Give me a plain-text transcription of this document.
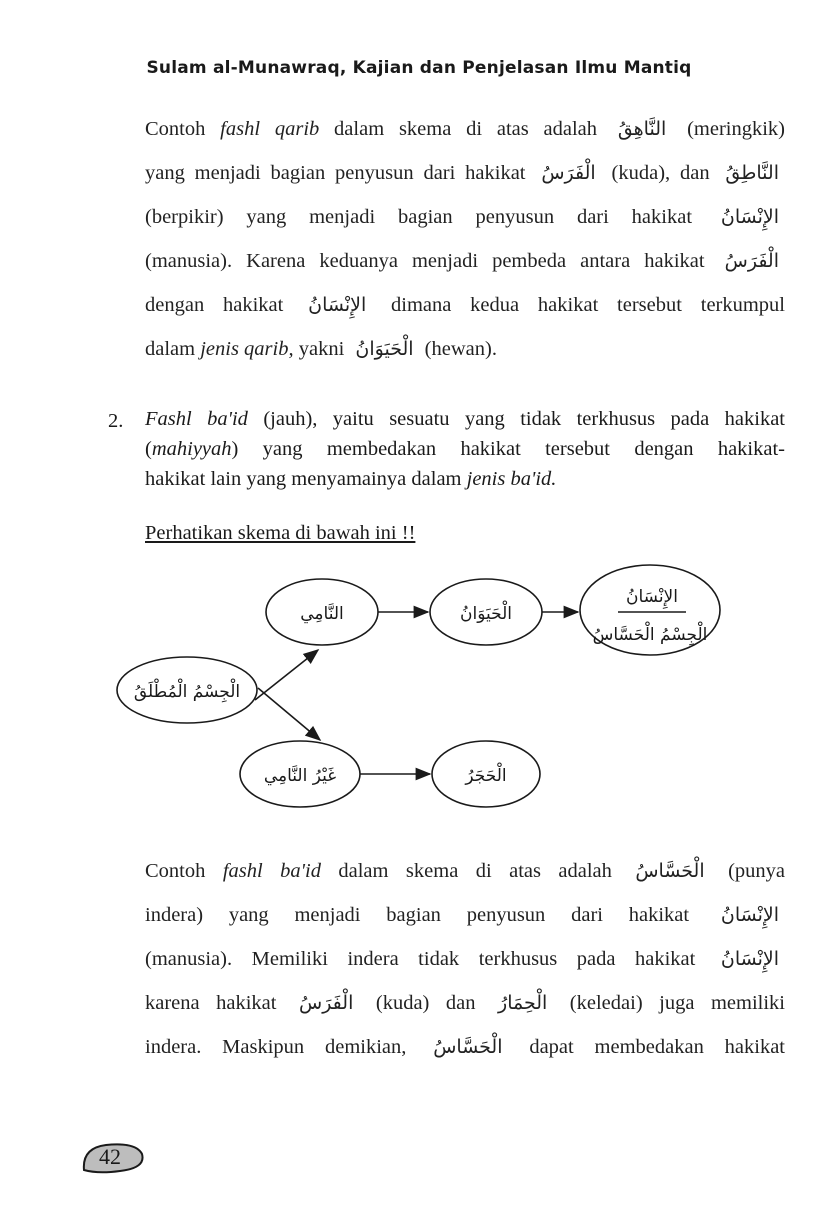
Sulam al-Munawraq, Kajian dan Penjelasan Ilmu Mantiq
Contoh fashl qarib dalam skema di atas adalah النَّاهِقُ (meringkik)
yang menjadi bagian penyusun dari hakikat الْفَرَسُ (kuda), dan النَّاطِقُ
(berpikir) yang menjadi bagian penyusun dari hakikat الإِنْسَانُ
(manusia). Karena keduanya menjadi pembeda antara hakikat الْفَرَسُ
dengan hakikat الإِنْسَانُ dimana kedua hakikat tersebut terkumpul
dalam jenis qarib, yakni الْحَيَوَانُ (hewan).
2. Fashl ba'id (jauh), yaitu sesuatu yang tidak terkhusus pada hakikat
(mahiyyah) yang membedakan hakikat tersebut dengan hakikat-
hakikat lain yang menyamainya dalam jenis ba'id.
Perhatikan skema di bawah ini !!
الْجِسْمُ الْمُطْلَقُ
النَّامِي	الْحَيَوَانُ
الإِنْسَانُ
الْجِسْمُ الْحَسَّاسُ
غَيْرُ النَّامِي	الْحَجَرُ
Contoh fashl ba'id dalam skema di atas adalah الْحَسَّاسُ (punya
indera) yang menjadi bagian penyusun dari hakikat الإِنْسَانُ
(manusia). Memiliki indera tidak terkhusus pada hakikat الإِنْسَانُ
karena hakikat الْفَرَسُ (kuda) dan الْحِمَارُ (keledai) juga memiliki
indera. Maskipun demikian, الْحَسَّاسُ dapat membedakan hakikat
42
